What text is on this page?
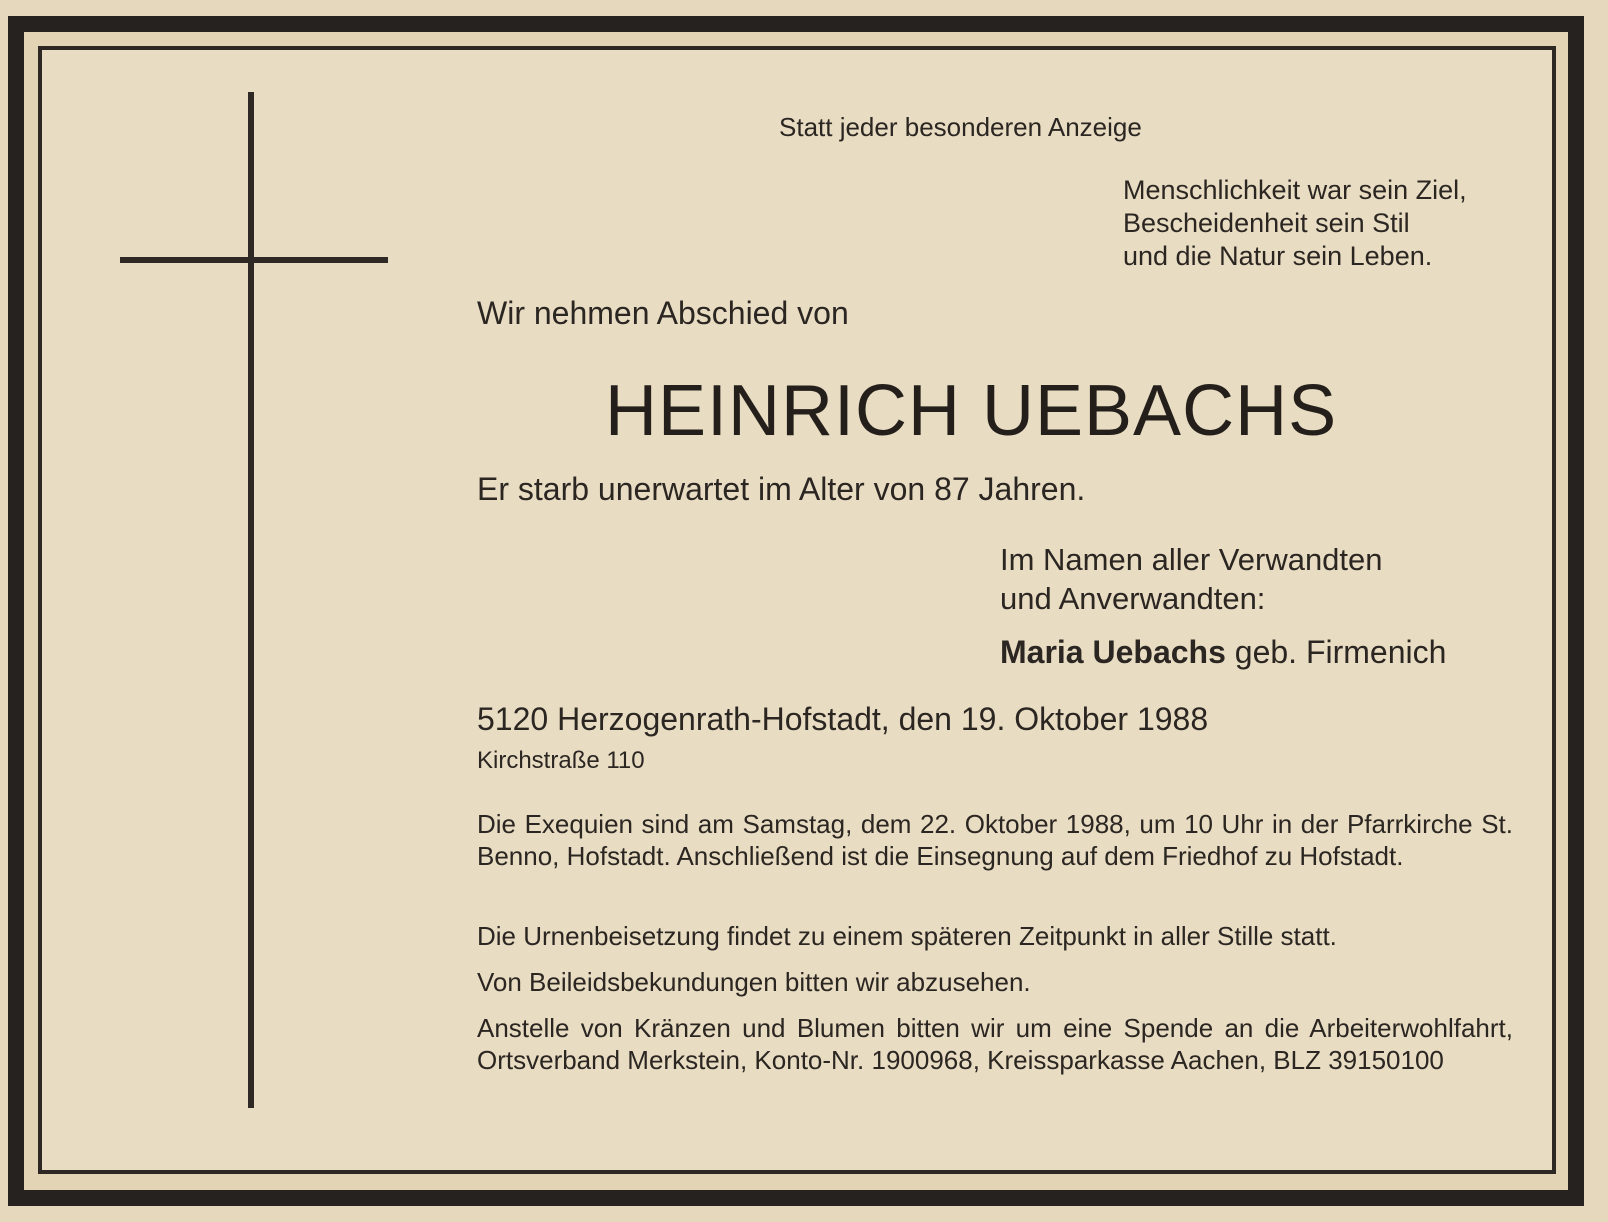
Statt jeder besonderen Anzeige

Menschlichkeit war sein Ziel,
Bescheidenheit sein Stil
und die Natur sein Leben.

Wir nehmen Abschied von

HEINRICH UEBACHS

Er starb unerwartet im Alter von 87 Jahren.

Im Namen aller Verwandten
und Anverwandten:

Maria Uebachs geb. Firmenich

5120 Herzogenrath-Hofstadt, den 19. Oktober 1988

Kirchstraße 110

Die Exequien sind am Samstag, dem 22. Oktober 1988, um 10 Uhr in der Pfarrkirche St. Benno, Hofstadt. Anschließend ist die Einsegnung auf dem Friedhof zu Hofstadt.

Die Urnenbeisetzung findet zu einem späteren Zeitpunkt in aller Stille statt.

Von Beileidsbekundungen bitten wir abzusehen.

Anstelle von Kränzen und Blumen bitten wir um eine Spende an die Arbeiterwohlfahrt, Ortsverband Merkstein, Konto-Nr. 1900968, Kreissparkasse Aachen, BLZ 39150100
